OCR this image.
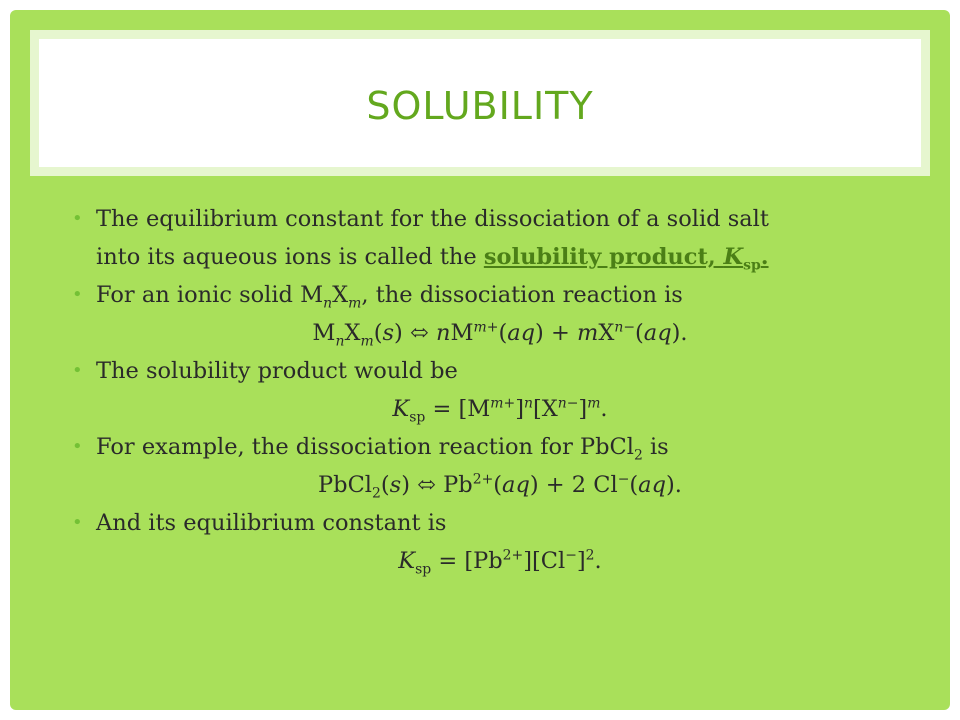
SOLUBILITY
• The equilibrium constant for the dissociation of a solid salt
into its aqueous ions is called the solubility product, $K_{sp}$.
• For an ionic solid $M_nX_m$, the dissociation reaction is
$M_nX_m(s)$ ⬄ $nM^{m+}(aq) + mX^{n-}(aq)$.
• The solubility product would be
$K_{sp} = [M^{m+}]^n[X^{n-}]^m$.
• For example, the dissociation reaction for PbCl$_2$ is
PbCl$_2$(s) ⬄ $Pb^{2+}(aq) + 2$ Cl−(aq).
• And its equilibrium constant is
$K_{sp} = [Pb^{2+}][Cl^-]^2$.
